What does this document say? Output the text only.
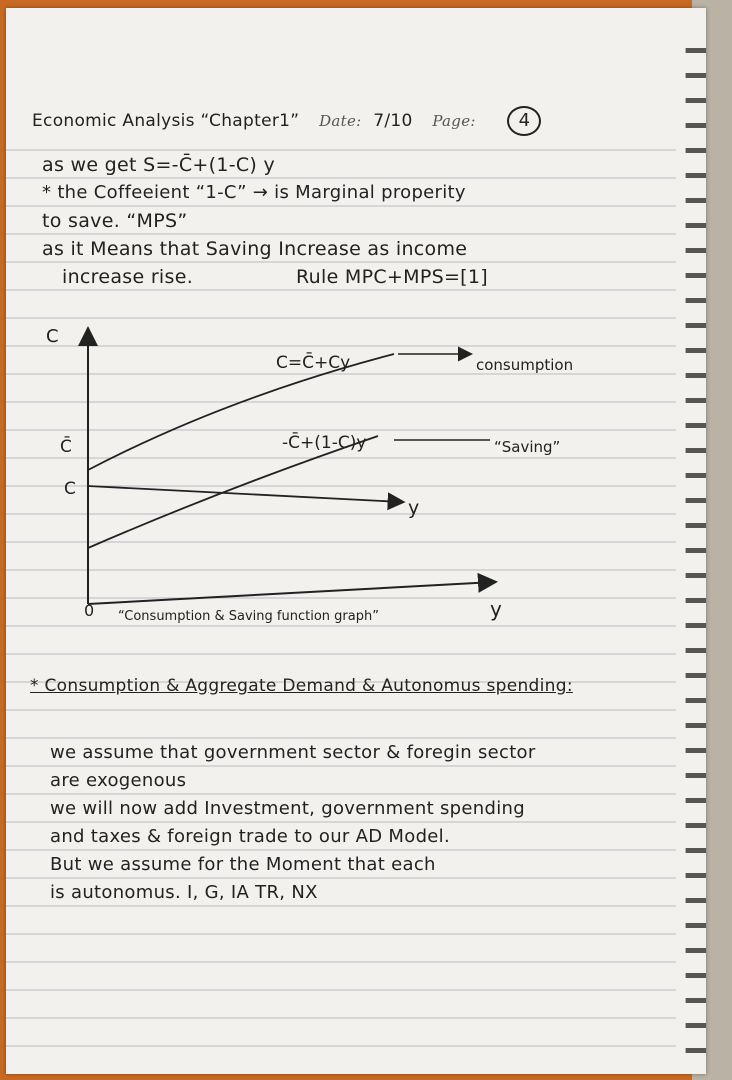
Economic Analysis “Chapter1” Date: 7/10 Page: 4
as we get S=-C̄+(1-C) y
* the Coffeeient “1-C” → is Marginal properity
to save. “MPS”
as it Means that Saving Increase as income
increase rise.	Rule MPC+MPS=[1]
C
y
0
C=C̄+Cy	consumption
-C̄+(1-C)y	“Saving”
C̄
C
y
“Consumption & Saving function graph”
* Consumption & Aggregate Demand & Autonomus spending:
we assume that government sector & foregin sector
are exogenous
we will now add Investment, government spending
and taxes & foreign trade to our AD Model.
But we assume for the Moment that each
is autonomus. I, G, IA TR, NX
